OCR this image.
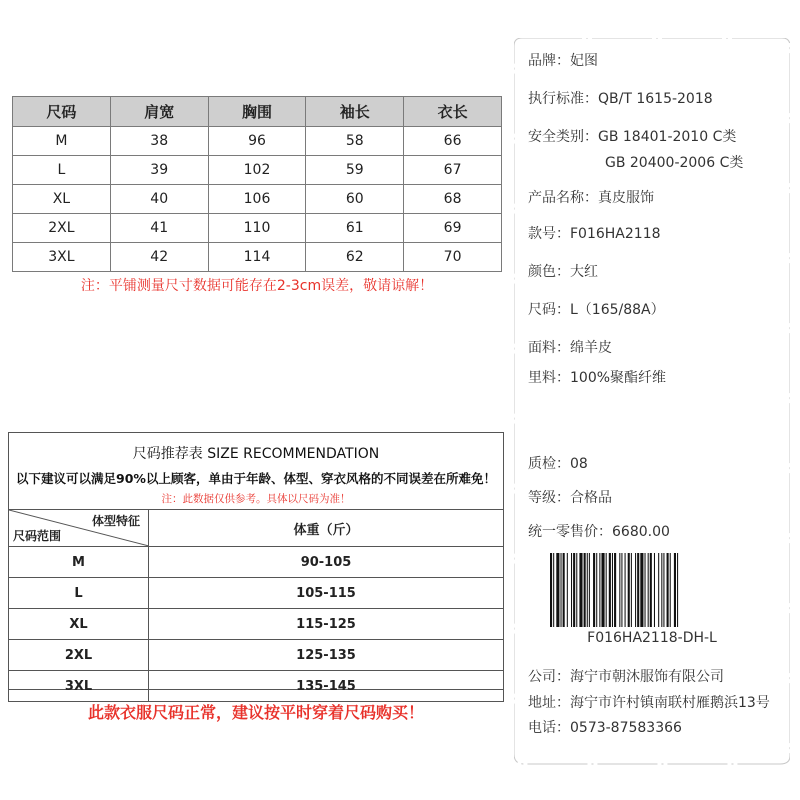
尺码	肩宽	胸围	袖长	衣长
M	38	96	58	66
L	39	102	59	67
XL	40	106	60	68
2XL	41	110	61	69
3XL	42	114	62	70
注：平铺测量尺寸数据可能存在2-3cm误差，敬请谅解！
尺码推荐表 SIZE RECOMMENDATION
以下建议可以满足90%以上顾客，单由于年龄、体型、穿衣风格的不同误差在所难免！
注：此数据仅供参考。具体以尺码为准！
体型特征
尺码范围	体重（斤）
M	90-105
L	105-115
XL	115-125
2XL	125-135
3XL	135-145
此款衣服尺码正常，建议按平时穿着尺码购买！
品牌：妃图
执行标准：QB/T 1615-2018
安全类别：GB 18401-2010 C类
GB 20400-2006 C类
产品名称：真皮服饰
款号：F016HA2118
颜色：大红
尺码：L（165/88A）
面料：绵羊皮
里料：100%聚酯纤维
质检：08
等级：合格品
统一零售价：6680.00
F016HA2118-DH-L
公司：海宁市朝沐服饰有限公司
地址：海宁市许村镇南联村雁鹅浜13号
电话：0573-87583366
